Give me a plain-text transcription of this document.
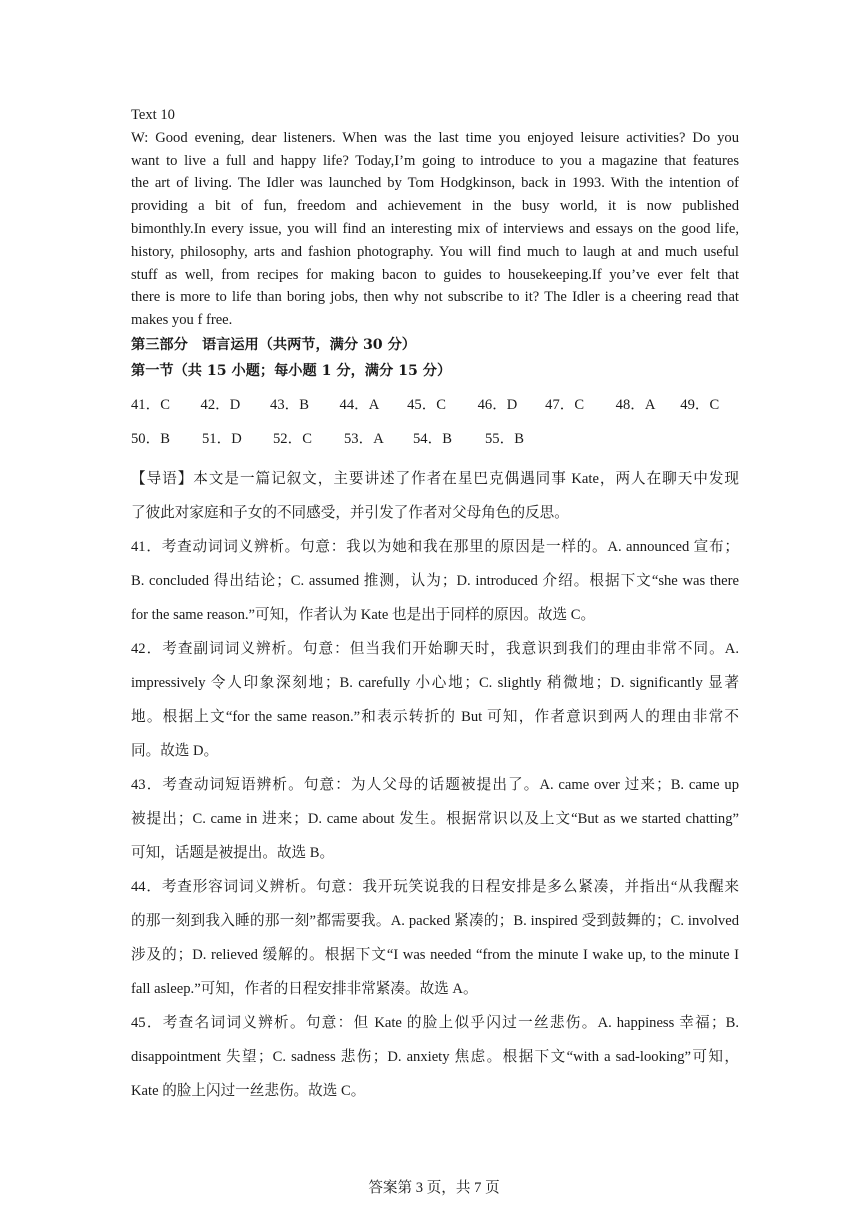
Text 10
W: Good evening, dear listeners. When was the last time you enjoyed leisure activities? Do you
want to live a full and happy life? Today,I’m going to introduce to you a magazine that features
the art of living. The Idler was launched by Tom Hodgkinson, back in 1993. With the intention of
providing a bit of fun, freedom and achievement in the busy world, it is now published
bimonthly.In every issue, you will find an interesting mix of interviews and essays on the good life,
history, philosophy, arts and fashion photography. You will find much to laugh at and much useful
stuff as well, from recipes for making bacon to guides to housekeeping.If you’ve ever felt that
there is more to life than boring jobs, then why not subscribe to it? The Idler is a cheering read that
makes you f free.

第三部分　语言运用（共两节，满分 30 分）

第一节（共 15 小题；每小题 1 分，满分 15 分）

41．C	42．D	43．B	44．A	45．C	46．D	47．C	48．A	49．C
50．B	51．D	52．C	53．A	54．B	55．B
【导语】本文是一篇记叙文，主要讲述了作者在星巴克偶遇同事 Kate，两人在聊天中发现
了彼此对家庭和子女的不同感受，并引发了作者对父母角色的反思。
41．考查动词词义辨析。句意：我以为她和我在那里的原因是一样的。A. announced 宣布；
B. concluded 得出结论；C. assumed 推测，认为；D. introduced 介绍。根据下文“she was there
for the same reason.”可知，作者认为 Kate 也是出于同样的原因。故选 C。
42．考查副词词义辨析。句意：但当我们开始聊天时，我意识到我们的理由非常不同。A.
impressively 令人印象深刻地；B. carefully 小心地；C. slightly 稍微地；D. significantly 显著
地。根据上文“for the same reason.”和表示转折的 But 可知，作者意识到两人的理由非常不
同。故选 D。
43．考查动词短语辨析。句意：为人父母的话题被提出了。A. came over 过来；B. came up
被提出；C. came in 进来；D. came about 发生。根据常识以及上文“But as we started chatting”
可知，话题是被提出。故选 B。
44．考查形容词词义辨析。句意：我开玩笑说我的日程安排是多么紧凑，并指出“从我醒来
的那一刻到我入睡的那一刻”都需要我。A. packed 紧凑的；B. inspired 受到鼓舞的；C. involved
涉及的；D. relieved 缓解的。根据下文“I was needed “from the minute I wake up, to the minute I
fall asleep.”可知，作者的日程安排非常紧凑。故选 A。
45．考查名词词义辨析。句意：但 Kate 的脸上似乎闪过一丝悲伤。A. happiness 幸福；B.
disappointment 失望；C. sadness 悲伤；D. anxiety 焦虑。根据下文“with a sad-looking”可知，
Kate 的脸上闪过一丝悲伤。故选 C。
答案第 3 页，共 7 页
